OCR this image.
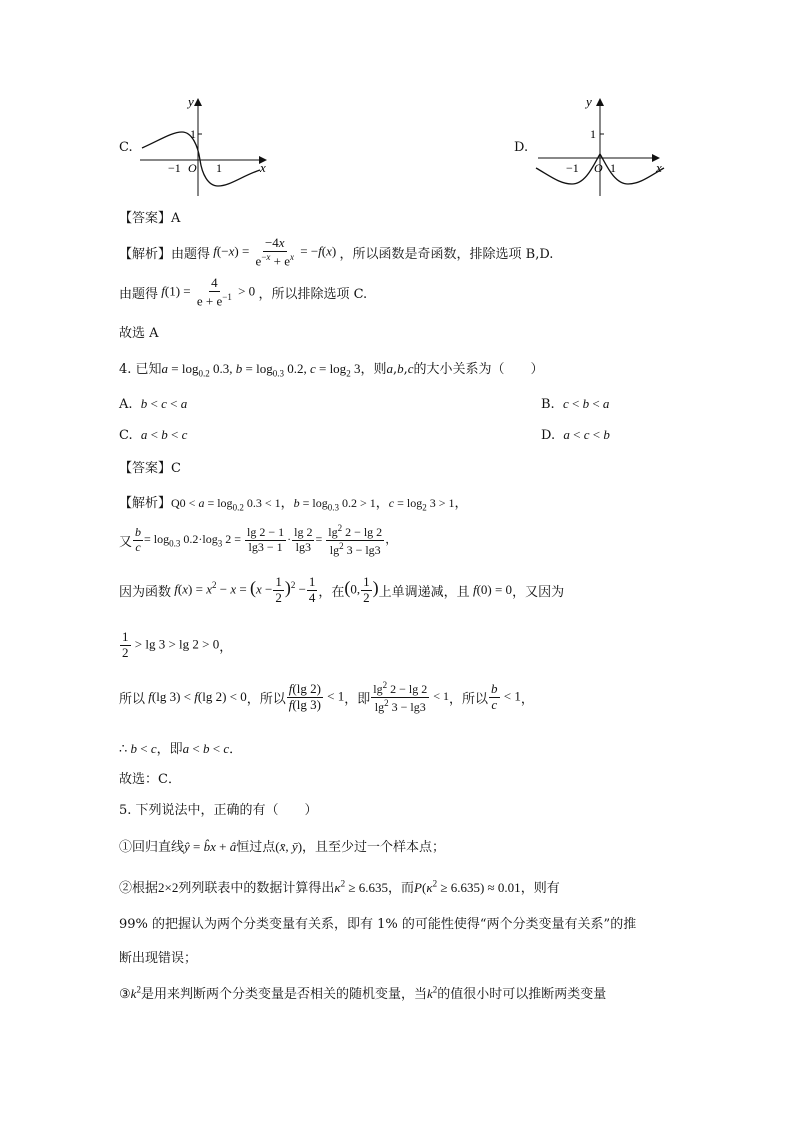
C.
y
x
1
−1 O 1
D.
y
x
1
−1 O 1
【答案】A
【解析】 由题得 $f(-x) = \frac{-4x}{e^{-x} + e^x} = -f(x)$ ，所以函数是奇函数，排除选项 B,D.
由题得 $f(1) = \frac{4}{e + e^{-1}} > 0$ ，所以排除选项 C.
故选 A
4. 已知$a = \log_{0.2} 0.3$, $b = \log_{0.3} 0.2$, $c = \log_2 3$，则a,b,c的大小关系为（　　）
A. b < c < a	B. c < b < a
C. a < b < c	D. a < c < b
【答案】C
【解析】$Q0 < a = \log_{0.2} 0.3 < 1$，$b = \log_{0.3} 0.2 > 1$，$c = \log_2 3 > 1$，
又 $\frac{b}{c} = \log_{0.3} 0.2\cdot\log_3$ $2 = \frac{\lg 2 - 1}{\lg 3 - 1} \cdot \frac{\lg 2}{\lg 3} = \frac{\lg^2 2 - \lg 2}{\lg^2 3 - \lg 3}$ ，
因为函数 $f(x) = x^2 - x = (x - \frac{1}{2} )^2 - \frac{1}{4}$ ，在 (0, $\frac{1}{2}$ ) 上单调递减，且 f(0) = 0 ，又因为
$\frac{1}{2} > \lg 3 > \lg 2 > 0$ ，
所以 f(lg 3) < f(lg 2) < 0 ，所以 $\frac{f(\lg 2)}{f(\lg 3)} < 1$ ，即 $\frac{\lg^2 2 - \lg 2}{\lg^2 3 - \lg 3} < 1$ ，所以 $\frac{b}{c} < 1$ ，
∴ b < c，即a < b < c．
故选：C．
5. 下列说法中，正确的有（　　）
①回归直线ŷ = b̂x + â恒过点(x̄, ȳ)，且至少过一个样本点；
②根据2×2列列联表中的数据计算得出$\kappa^2 \ge 6.635$，而$P(\kappa^2 \ge 6.635) \approx 0.01$，则有
99% 的把握认为两个分类变量有关系，即有 1% 的可能性使得“两个分类变量有关系”的推
断出现错误；
$③k^2$是用来判断两个分类变量是否相关的随机变量，当$k^2$的值很小时可以推断两类变量
